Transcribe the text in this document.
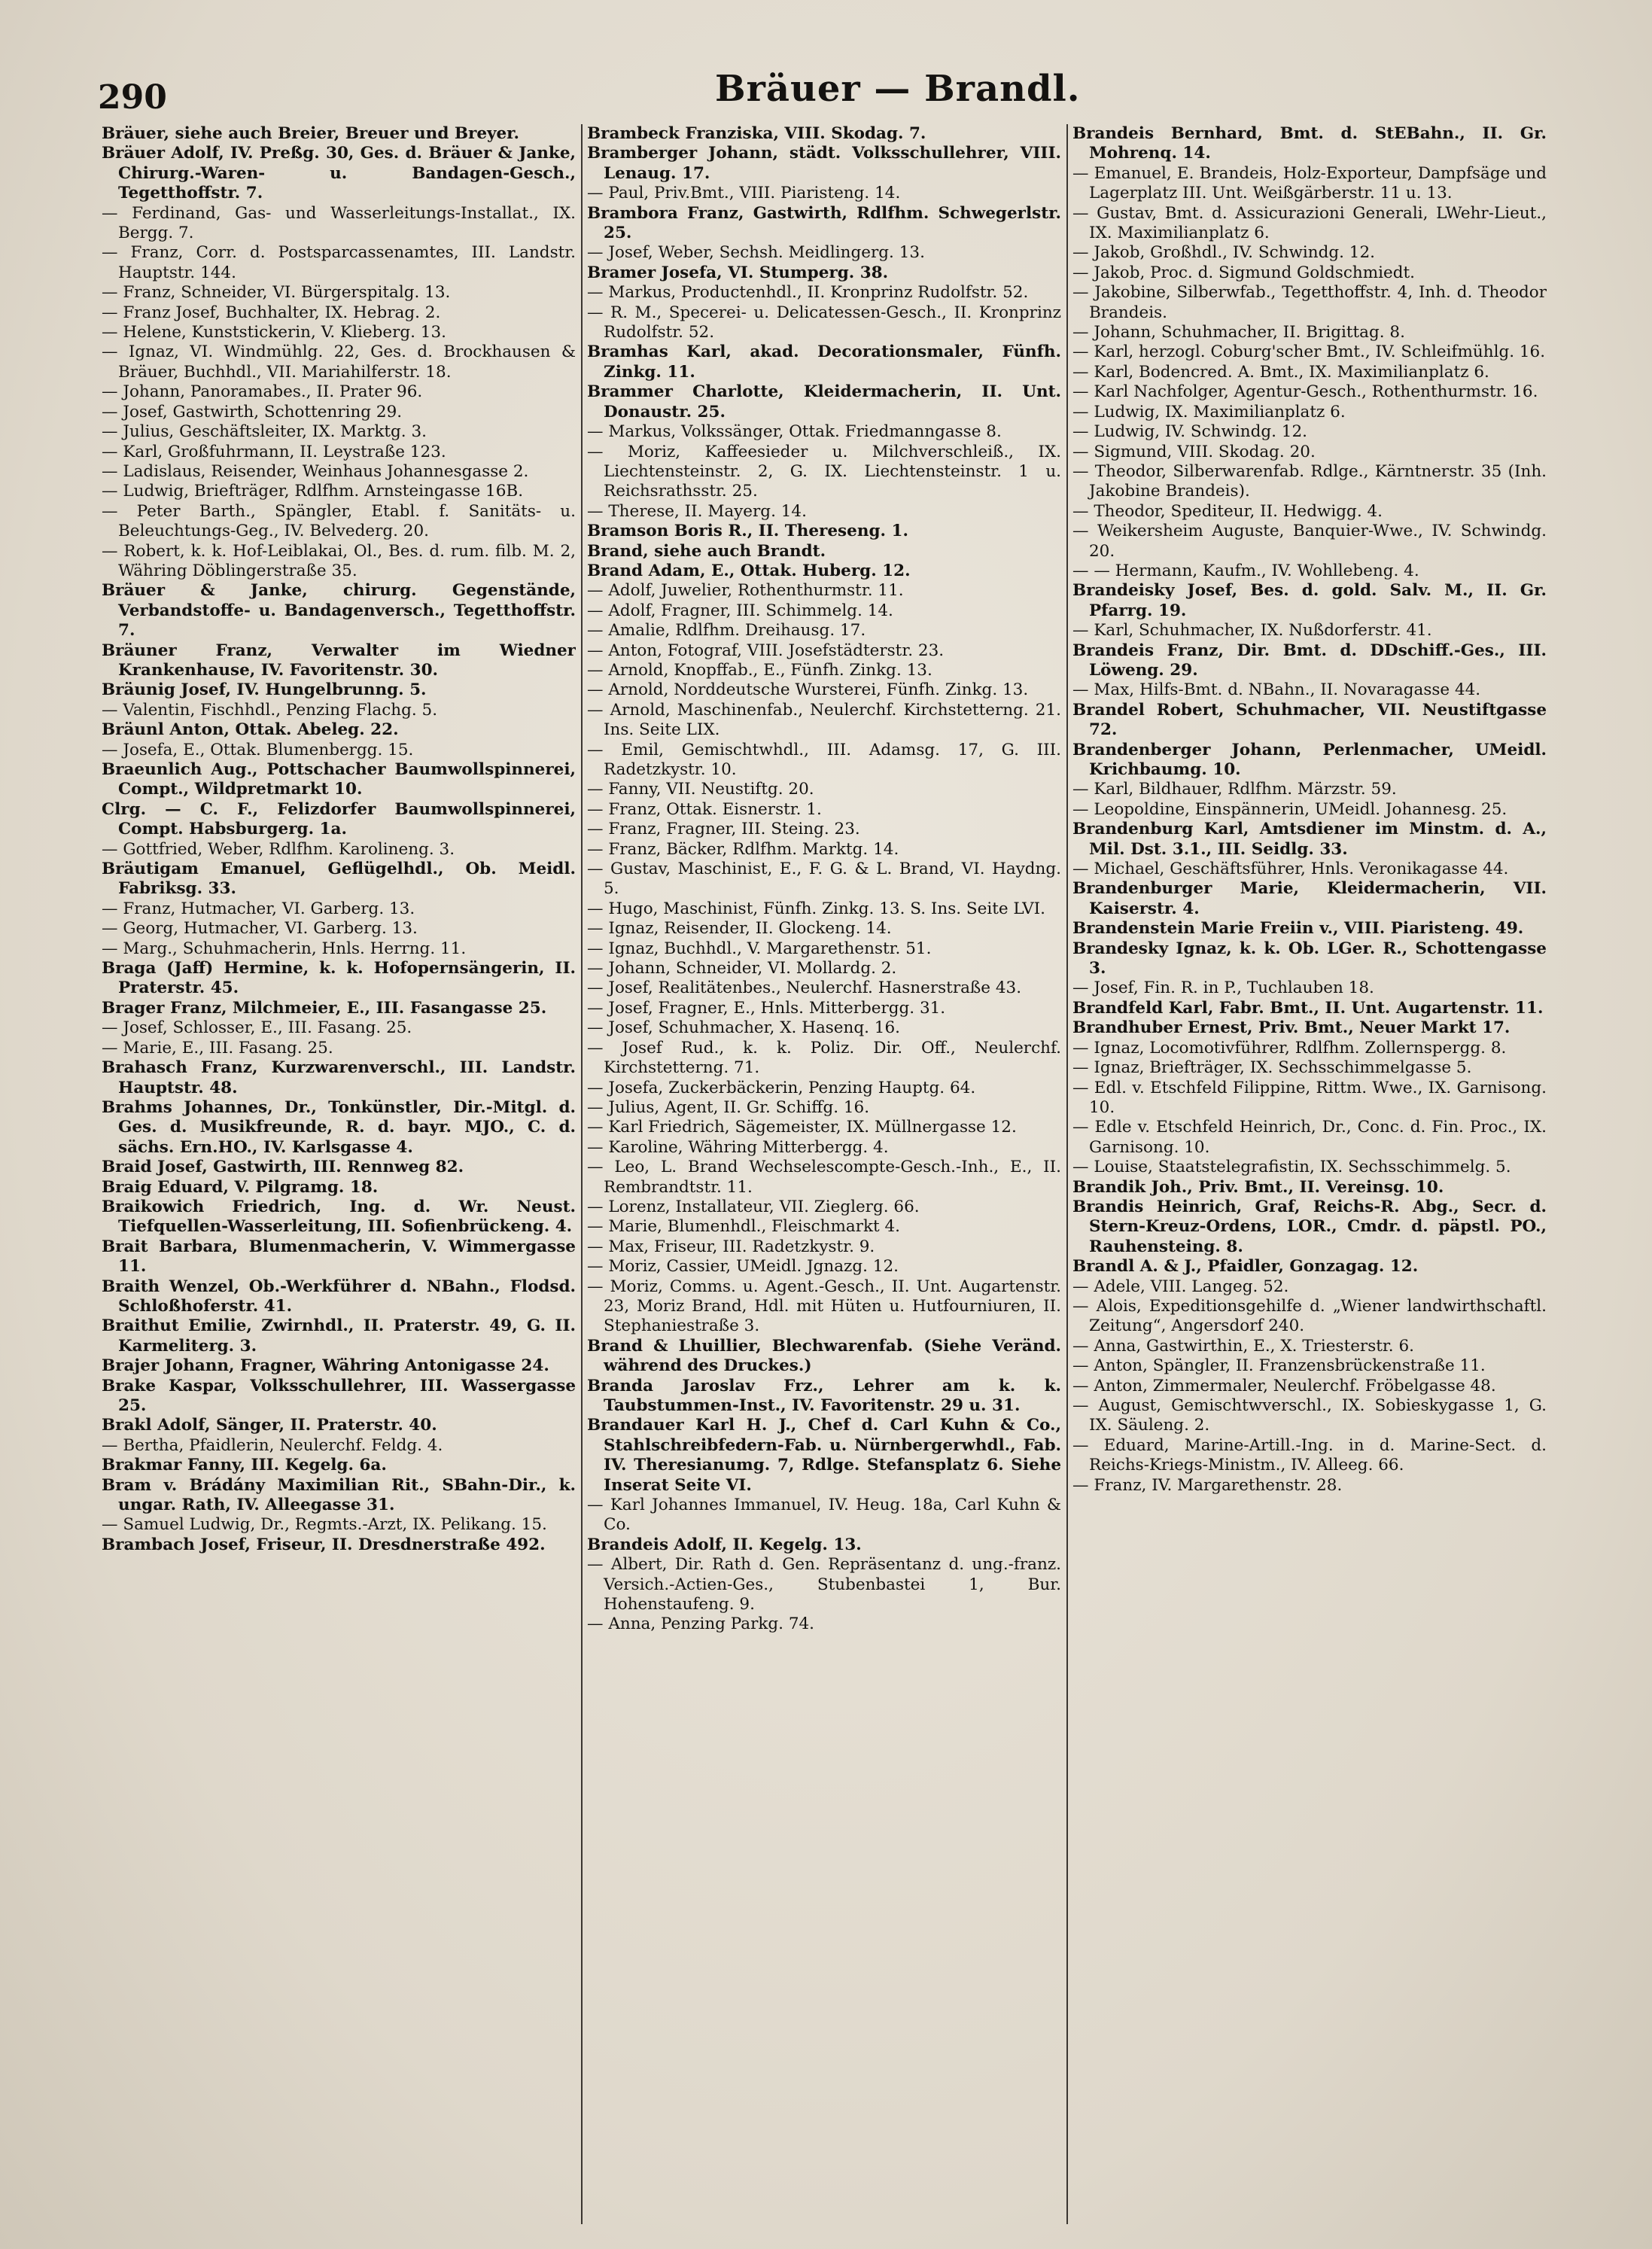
290	Bräuer — Brandl.

Bräuer, siehe auch Breier, Breuer und Breyer.

Bräuer Adolf, IV. Preßg. 30, Ges. d. Bräuer & Janke, Chirurg.-Waren- u. Bandagen-Gesch., Tegetthoffstr. 7.

— Ferdinand, Gas- und Wasserleitungs-Installat., IX. Bergg. 7.

— Franz, Corr. d. Postsparcassenamtes, III. Landstr. Hauptstr. 144.

— Franz, Schneider, VI. Bürgerspitalg. 13.

— Franz Josef, Buchhalter, IX. Hebrag. 2.

— Helene, Kunststickerin, V. Klieberg. 13.

— Ignaz, VI. Windmühlg. 22, Ges. d. Brockhausen & Bräuer, Buchhdl., VII. Mariahilferstr. 18.

— Johann, Panoramabes., II. Prater 96.

— Josef, Gastwirth, Schottenring 29.

— Julius, Geschäftsleiter, IX. Marktg. 3.

— Karl, Großfuhrmann, II. Leystraße 123.

— Ladislaus, Reisender, Weinhaus Johannesgasse 2.

— Ludwig, Briefträger, Rdlfhm. Arnsteingasse 16B.

— Peter Barth., Spängler, Etabl. f. Sanitäts- u. Beleuchtungs-Geg., IV. Belvederg. 20.

— Robert, k. k. Hof-Leiblakai, Ol., Bes. d. rum. filb. M. 2, Währing Döblingerstraße 35.

Bräuer & Janke, chirurg. Gegenstände, Verbandstoffe- u. Bandagenversch., Tegetthoffstr. 7.

Bräuner Franz, Verwalter im Wiedner Krankenhause, IV. Favoritenstr. 30.

Bräunig Josef, IV. Hungelbrunng. 5.

— Valentin, Fischhdl., Penzing Flachg. 5.

Bräunl Anton, Ottak. Abeleg. 22.

— Josefa, E., Ottak. Blumenbergg. 15.

Braeunlich Aug., Pottschacher Baumwollspinnerei, Compt., Wildpretmarkt 10.

Clrg. — C. F., Felizdorfer Baumwollspinnerei, Compt. Habsburgerg. 1a.

— Gottfried, Weber, Rdlfhm. Karolineng. 3.

Bräutigam Emanuel, Geflügelhdl., Ob. Meidl. Fabriksg. 33.

— Franz, Hutmacher, VI. Garberg. 13.

— Georg, Hutmacher, VI. Garberg. 13.

— Marg., Schuhmacherin, Hnls. Herrng. 11.

Braga (Jaff) Hermine, k. k. Hofopernsängerin, II. Praterstr. 45.

Brager Franz, Milchmeier, E., III. Fasangasse 25.

— Josef, Schlosser, E., III. Fasang. 25.

— Marie, E., III. Fasang. 25.

Brahasch Franz, Kurzwarenverschl., III. Landstr. Hauptstr. 48.

Brahms Johannes, Dr., Tonkünstler, Dir.-Mitgl. d. Ges. d. Musikfreunde, R. d. bayr. MJO., C. d. sächs. Ern.HO., IV. Karlsgasse 4.

Braid Josef, Gastwirth, III. Rennweg 82.

Braig Eduard, V. Pilgramg. 18.

Braikowich Friedrich, Ing. d. Wr. Neust. Tiefquellen-Wasserleitung, III. Sofienbrückeng. 4.

Brait Barbara, Blumenmacherin, V. Wimmergasse 11.

Braith Wenzel, Ob.-Werkführer d. NBahn., Flodsd. Schloßhoferstr. 41.

Braithut Emilie, Zwirnhdl., II. Praterstr. 49, G. II. Karmeliterg. 3.

Brajer Johann, Fragner, Währing Antonigasse 24.

Brake Kaspar, Volksschullehrer, III. Wassergasse 25.

Brakl Adolf, Sänger, II. Praterstr. 40.

— Bertha, Pfaidlerin, Neulerchf. Feldg. 4.

Brakmar Fanny, III. Kegelg. 6a.

Bram v. Brádány Maximilian Rit., SBahn-Dir., k. ungar. Rath, IV. Alleegasse 31.

— Samuel Ludwig, Dr., Regmts.-Arzt, IX. Pelikang. 15.

Brambach Josef, Friseur, II. Dresdnerstraße 492.

Brambeck Franziska, VIII. Skodag. 7.

Bramberger Johann, städt. Volksschullehrer, VIII. Lenaug. 17.

— Paul, Priv.Bmt., VIII. Piaristeng. 14.

Brambora Franz, Gastwirth, Rdlfhm. Schwegerlstr. 25.

— Josef, Weber, Sechsh. Meidlingerg. 13.

Bramer Josefa, VI. Stumperg. 38.

— Markus, Productenhdl., II. Kronprinz Rudolfstr. 52.

— R. M., Specerei- u. Delicatessen-Gesch., II. Kronprinz Rudolfstr. 52.

Bramhas Karl, akad. Decorationsmaler, Fünfh. Zinkg. 11.

Brammer Charlotte, Kleidermacherin, II. Unt. Donaustr. 25.

— Markus, Volkssänger, Ottak. Friedmanngasse 8.

— Moriz, Kaffeesieder u. Milchverschleiß., IX. Liechtensteinstr. 2, G. IX. Liechtensteinstr. 1 u. Reichsrathsstr. 25.

— Therese, II. Mayerg. 14.

Bramson Boris R., II. Thereseng. 1.

Brand, siehe auch Brandt.

Brand Adam, E., Ottak. Huberg. 12.

— Adolf, Juwelier, Rothenthurmstr. 11.

— Adolf, Fragner, III. Schimmelg. 14.

— Amalie, Rdlfhm. Dreihausg. 17.

— Anton, Fotograf, VIII. Josefstädterstr. 23.

— Arnold, Knopffab., E., Fünfh. Zinkg. 13.

— Arnold, Norddeutsche Wursterei, Fünfh. Zinkg. 13.

— Arnold, Maschinenfab., Neulerchf. Kirchstetterng. 21. Ins. Seite LIX.

— Emil, Gemischtwhdl., III. Adamsg. 17, G. III. Radetzkystr. 10.

— Fanny, VII. Neustiftg. 20.

— Franz, Ottak. Eisnerstr. 1.

— Franz, Fragner, III. Steing. 23.

— Franz, Bäcker, Rdlfhm. Marktg. 14.

— Gustav, Maschinist, E., F. G. & L. Brand, VI. Haydng. 5.

— Hugo, Maschinist, Fünfh. Zinkg. 13. S. Ins. Seite LVI.

— Ignaz, Reisender, II. Glockeng. 14.

— Ignaz, Buchhdl., V. Margarethenstr. 51.

— Johann, Schneider, VI. Mollardg. 2.

— Josef, Realitätenbes., Neulerchf. Hasnerstraße 43.

— Josef, Fragner, E., Hnls. Mitterbergg. 31.

— Josef, Schuhmacher, X. Hasenq. 16.

— Josef Rud., k. k. Poliz. Dir. Off., Neulerchf. Kirchstetterng. 71.

— Josefa, Zuckerbäckerin, Penzing Hauptg. 64.

— Julius, Agent, II. Gr. Schiffg. 16.

— Karl Friedrich, Sägemeister, IX. Müllnergasse 12.

— Karoline, Währing Mitterbergg. 4.

— Leo, L. Brand Wechselescompte-Gesch.-Inh., E., II. Rembrandtstr. 11.

— Lorenz, Installateur, VII. Zieglerg. 66.

— Marie, Blumenhdl., Fleischmarkt 4.

— Max, Friseur, III. Radetzkystr. 9.

— Moriz, Cassier, UMeidl. Jgnazg. 12.

— Moriz, Comms. u. Agent.-Gesch., II. Unt. Augartenstr. 23, Moriz Brand, Hdl. mit Hüten u. Hutfourniuren, II. Stephaniestraße 3.

Brand & Lhuillier, Blechwarenfab. (Siehe Veränd. während des Druckes.)

Branda Jaroslav Frz., Lehrer am k. k. Taubstummen-Inst., IV. Favoritenstr. 29 u. 31.

Brandauer Karl H. J., Chef d. Carl Kuhn & Co., Stahlschreibfedern-Fab. u. Nürnbergerwhdl., Fab. IV. Theresianumg. 7, Rdlge. Stefansplatz 6. Siehe Inserat Seite VI.

— Karl Johannes Immanuel, IV. Heug. 18a, Carl Kuhn & Co.

Brandeis Adolf, II. Kegelg. 13.

— Albert, Dir. Rath d. Gen. Repräsentanz d. ung.-franz. Versich.-Actien-Ges., Stubenbastei 1, Bur. Hohenstaufeng. 9.

— Anna, Penzing Parkg. 74.

Brandeis Bernhard, Bmt. d. StEBahn., II. Gr. Mohrenq. 14.

— Emanuel, E. Brandeis, Holz-Exporteur, Dampfsäge und Lagerplatz III. Unt. Weißgärberstr. 11 u. 13.

— Gustav, Bmt. d. Assicurazioni Generali, LWehr-Lieut., IX. Maximilianplatz 6.

— Jakob, Großhdl., IV. Schwindg. 12.

— Jakob, Proc. d. Sigmund Goldschmiedt.

— Jakobine, Silberwfab., Tegetthoffstr. 4, Inh. d. Theodor Brandeis.

— Johann, Schuhmacher, II. Brigittag. 8.

— Karl, herzogl. Coburg'scher Bmt., IV. Schleifmühlg. 16.

— Karl, Bodencred. A. Bmt., IX. Maximilianplatz 6.

— Karl Nachfolger, Agentur-Gesch., Rothenthurmstr. 16.

— Ludwig, IX. Maximilianplatz 6.

— Ludwig, IV. Schwindg. 12.

— Sigmund, VIII. Skodag. 20.

— Theodor, Silberwarenfab. Rdlge., Kärntnerstr. 35 (Inh. Jakobine Brandeis).

— Theodor, Spediteur, II. Hedwigg. 4.

— Weikersheim Auguste, Banquier-Wwe., IV. Schwindg. 20.

— — Hermann, Kaufm., IV. Wohllebeng. 4.

Brandeisky Josef, Bes. d. gold. Salv. M., II. Gr. Pfarrg. 19.

— Karl, Schuhmacher, IX. Nußdorferstr. 41.

Brandeis Franz, Dir. Bmt. d. DDschiff.-Ges., III. Löweng. 29.

— Max, Hilfs-Bmt. d. NBahn., II. Novaragasse 44.

Brandel Robert, Schuhmacher, VII. Neustiftgasse 72.

Brandenberger Johann, Perlenmacher, UMeidl. Krichbaumg. 10.

— Karl, Bildhauer, Rdlfhm. Märzstr. 59.

— Leopoldine, Einspännerin, UMeidl. Johannesg. 25.

Brandenburg Karl, Amtsdiener im Minstm. d. A., Mil. Dst. 3.1., III. Seidlg. 33.

— Michael, Geschäftsführer, Hnls. Veronikagasse 44.

Brandenburger Marie, Kleidermacherin, VII. Kaiserstr. 4.

Brandenstein Marie Freiin v., VIII. Piaristeng. 49.

Brandesky Ignaz, k. k. Ob. LGer. R., Schottengasse 3.

— Josef, Fin. R. in P., Tuchlauben 18.

Brandfeld Karl, Fabr. Bmt., II. Unt. Augartenstr. 11.

Brandhuber Ernest, Priv. Bmt., Neuer Markt 17.

— Ignaz, Locomotivführer, Rdlfhm. Zollernspergg. 8.

— Ignaz, Briefträger, IX. Sechsschimmelgasse 5.

— Edl. v. Etschfeld Filippine, Rittm. Wwe., IX. Garnisong. 10.

— Edle v. Etschfeld Heinrich, Dr., Conc. d. Fin. Proc., IX. Garnisong. 10.

— Louise, Staatstelegrafistin, IX. Sechsschimmelg. 5.

Brandik Joh., Priv. Bmt., II. Vereinsg. 10.

Brandis Heinrich, Graf, Reichs-R. Abg., Secr. d. Stern-Kreuz-Ordens, LOR., Cmdr. d. päpstl. PO., Rauhensteing. 8.

Brandl A. & J., Pfaidler, Gonzagag. 12.

— Adele, VIII. Langeg. 52.

— Alois, Expeditionsgehilfe d. „Wiener landwirthschaftl. Zeitung“, Angersdorf 240.

— Anna, Gastwirthin, E., X. Triesterstr. 6.

— Anton, Spängler, II. Franzensbrückenstraße 11.

— Anton, Zimmermaler, Neulerchf. Fröbelgasse 48.

— August, Gemischtwverschl., IX. Sobieskygasse 1, G. IX. Säuleng. 2.

— Eduard, Marine-Artill.-Ing. in d. Marine-Sect. d. Reichs-Kriegs-Ministm., IV. Alleeg. 66.

— Franz, IV. Margarethenstr. 28.
